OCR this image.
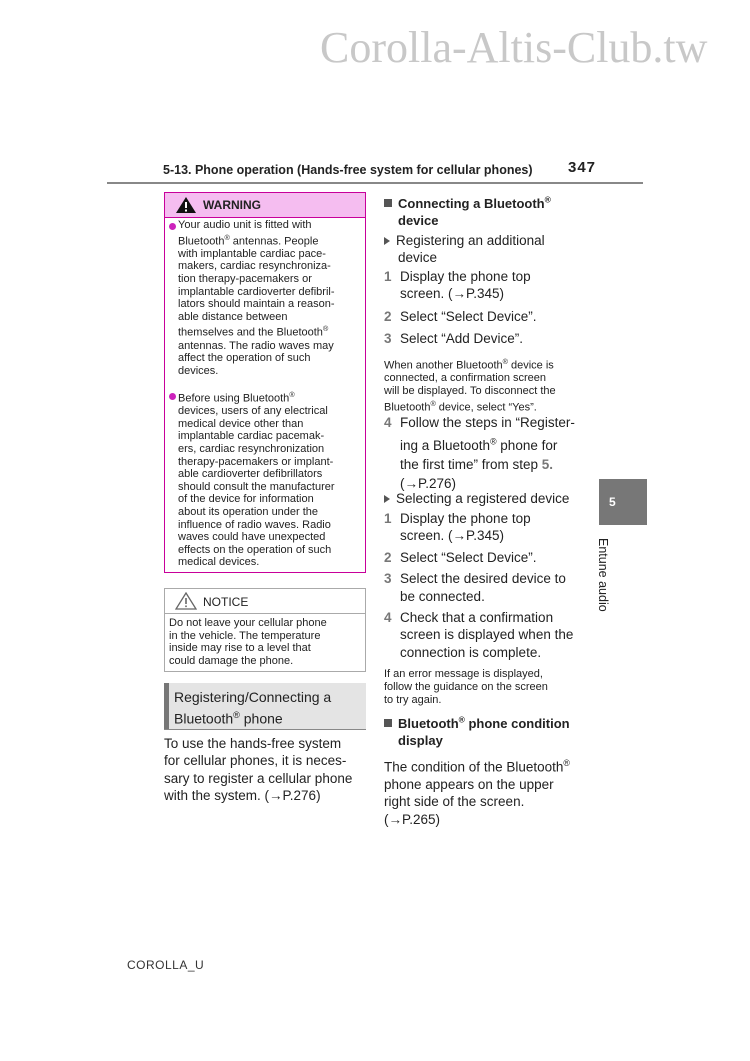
Corolla-Altis-Club.tw
5-13. Phone operation (Hands-free system for cellular phones) 347
WARNING
Your audio unit is fitted with
Bluetooth® antennas. People
with implantable cardiac pace-
makers, cardiac resynchroniza-
tion therapy-pacemakers or
implantable cardioverter defibril-
lators should maintain a reason-
able distance between
themselves and the Bluetooth®
antennas. The radio waves may
affect the operation of such
devices.
Before using Bluetooth®
devices, users of any electrical
medical device other than
implantable cardiac pacemak-
ers, cardiac resynchronization
therapy-pacemakers or implant-
able cardioverter defibrillators
should consult the manufacturer
of the device for information
about its operation under the
influence of radio waves. Radio
waves could have unexpected
effects on the operation of such
medical devices.
NOTICE
Do not leave your cellular phone
in the vehicle. The temperature
inside may rise to a level that
could damage the phone.
Registering/Connecting a
Bluetooth® phone
To use the hands-free system
for cellular phones, it is neces-
sary to register a cellular phone
with the system. (→P.276)
Connecting a Bluetooth®
device
Registering an additional
device
1 Display the phone top
screen. (→P.345)
2 Select “Select Device”.
3 Select “Add Device”.
When another Bluetooth® device is
connected, a confirmation screen
will be displayed. To disconnect the
Bluetooth® device, select “Yes”.
4 Follow the steps in “Register-
ing a Bluetooth® phone for
the first time” from step 5.
(→P.276)
Selecting a registered device
1 Display the phone top
screen. (→P.345)
2 Select “Select Device”.
3 Select the desired device to
be connected.
4 Check that a confirmation
screen is displayed when the
connection is complete.
If an error message is displayed,
follow the guidance on the screen
to try again.
Bluetooth® phone condition
display
The condition of the Bluetooth®
phone appears on the upper
right side of the screen.
(→P.265)
5
Entune audio
COROLLA_U
